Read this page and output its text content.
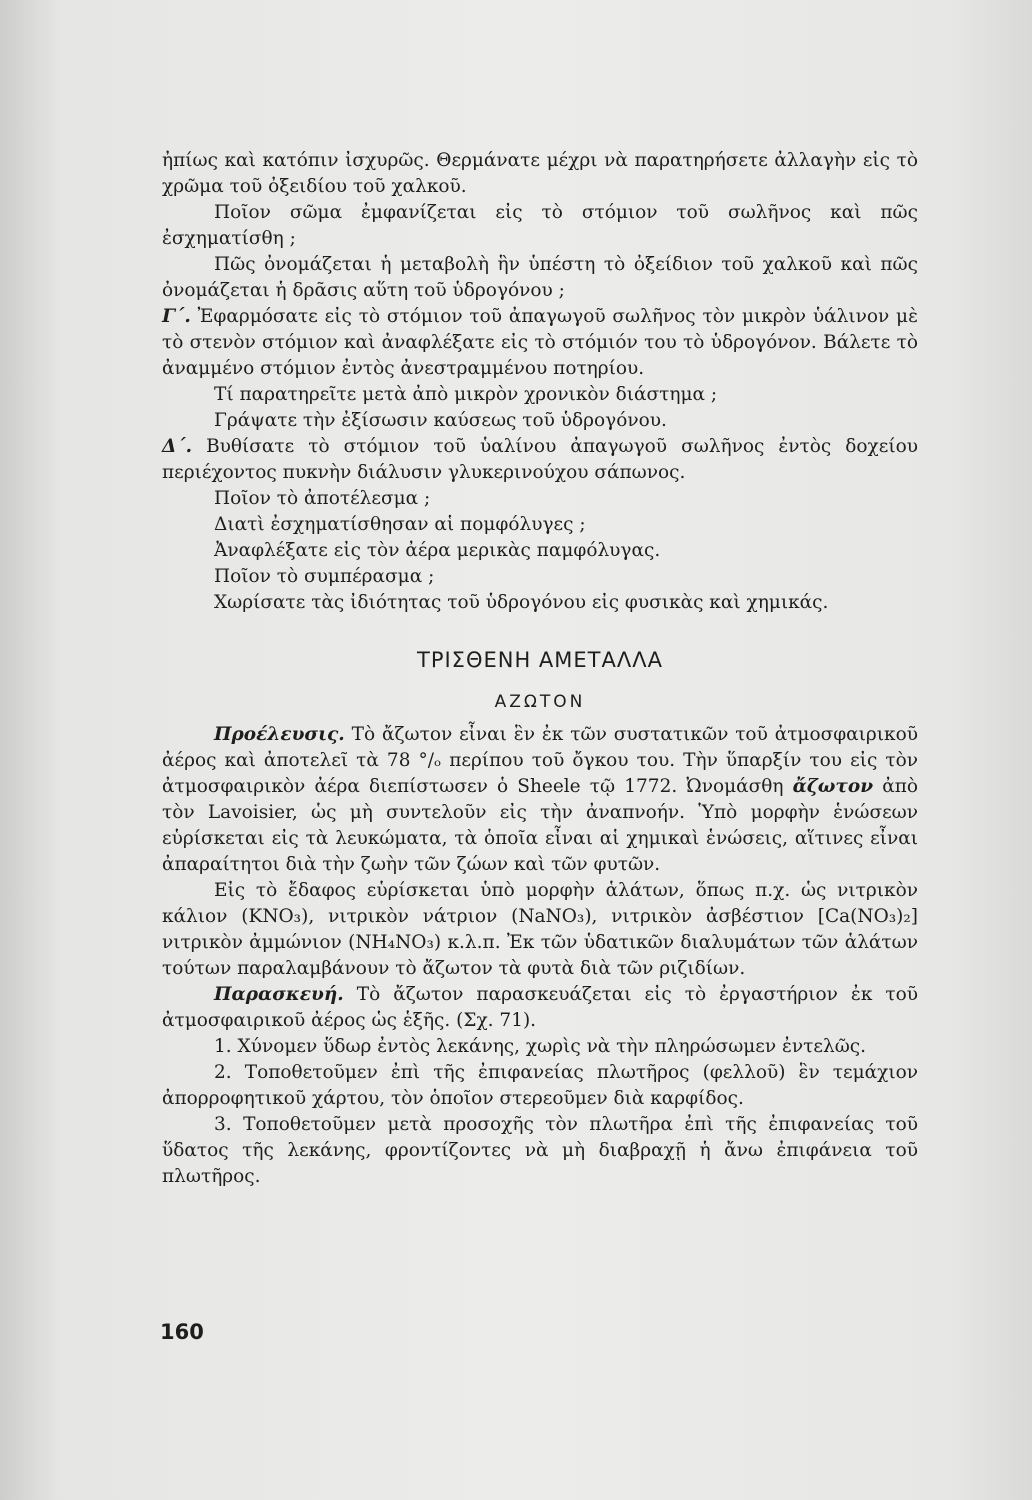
ἠπίως καὶ κατόπιν ἰσχυρῶς. Θερμάνατε μέχρι νὰ παρατηρήσετε ἀλλαγὴν εἰς τὸ χρῶμα τοῦ ὀξειδίου τοῦ χαλκοῦ.

Ποῖον σῶμα ἐμφανίζεται εἰς τὸ στόμιον τοῦ σωλῆνος καὶ πῶς ἐσχηματίσθη ;

Πῶς ὀνομάζεται ἡ μεταβολὴ ἣν ὑπέστη τὸ ὀξείδιον τοῦ χαλκοῦ καὶ πῶς ὀνομάζεται ἡ δρᾶσις αὕτη τοῦ ὑδρογόνου ;

Γ΄. Ἐφαρμόσατε εἰς τὸ στόμιον τοῦ ἀπαγωγοῦ σωλῆνος τὸν μικρὸν ὑάλινον μὲ τὸ στενὸν στόμιον καὶ ἀναφλέξατε εἰς τὸ στόμιόν του τὸ ὑδρογόνον. Βάλετε τὸ ἀναμμένο στόμιον ἐντὸς ἀνεστραμμένου ποτηρίου.

Τί παρατηρεῖτε μετὰ ἀπὸ μικρὸν χρονικὸν διάστημα ;

Γράψατε τὴν ἐξίσωσιν καύσεως τοῦ ὑδρογόνου.

Δ΄. Βυθίσατε τὸ στόμιον τοῦ ὑαλίνου ἀπαγωγοῦ σωλῆνος ἐντὸς δοχείου περιέχοντος πυκνὴν διάλυσιν γλυκερινούχου σάπωνος.

Ποῖον τὸ ἀποτέλεσμα ;

Διατὶ ἐσχηματίσθησαν αἱ πομφόλυγες ;

Ἀναφλέξατε εἰς τὸν ἀέρα μερικὰς παμφόλυγας.

Ποῖον τὸ συμπέρασμα ;

Χωρίσατε τὰς ἰδιότητας τοῦ ὑδρογόνου εἰς φυσικὰς καὶ χημικάς.

ΤΡΙΣΘΕΝΗ ΑΜΕΤΑΛΛΑ
ΑΖΩΤΟΝ

Προέλευσις. Τὸ ἄζωτον εἶναι ἓν ἐκ τῶν συστατικῶν τοῦ ἀτμοσφαιρικοῦ ἀέρος καὶ ἀποτελεῖ τὰ 78 °/ₒ περίπου τοῦ ὄγκου του. Τὴν ὕπαρξίν του εἰς τὸν ἀτμοσφαιρικὸν ἀέρα διεπίστωσεν ὁ Sheele τῷ 1772. Ὠνομάσθη ἄζωτον ἀπὸ τὸν Lavoisier, ὡς μὴ συντελοῦν εἰς τὴν ἀναπνοήν. Ὑπὸ μορφὴν ἑνώσεων εὑρίσκεται εἰς τὰ λευκώματα, τὰ ὁποῖα εἶναι αἱ χημικαὶ ἑνώσεις, αἵτινες εἶναι ἀπαραίτητοι διὰ τὴν ζωὴν τῶν ζώων καὶ τῶν φυτῶν.

Εἰς τὸ ἔδαφος εὑρίσκεται ὑπὸ μορφὴν ἁλάτων, ὅπως π.χ. ὡς νιτρικὸν κάλιον (KNO₃), νιτρικὸν νάτριον (NaNO₃), νιτρικὸν ἀσβέστιον [Ca(NO₃)₂] νιτρικὸν ἀμμώνιον (NH₄NO₃) κ.λ.π. Ἐκ τῶν ὑδατικῶν διαλυμάτων τῶν ἁλάτων τούτων παραλαμβάνουν τὸ ἄζωτον τὰ φυτὰ διὰ τῶν ριζιδίων.

Παρασκευή. Τὸ ἄζωτον παρασκευάζεται εἰς τὸ ἐργαστήριον ἐκ τοῦ ἀτμοσφαιρικοῦ ἀέρος ὡς ἑξῆς. (Σχ. 71).

1. Χύνομεν ὕδωρ ἐντὸς λεκάνης, χωρὶς νὰ τὴν πληρώσωμεν ἐντελῶς.

2. Τοποθετοῦμεν ἐπὶ τῆς ἐπιφανείας πλωτῆρος (φελλοῦ) ἓν τεμάχιον ἀπορροφητικοῦ χάρτου, τὸν ὁποῖον στερεοῦμεν διὰ καρφίδος.

3. Τοποθετοῦμεν μετὰ προσοχῆς τὸν πλωτῆρα ἐπὶ τῆς ἐπιφανείας τοῦ ὕδατος τῆς λεκάνης, φροντίζοντες νὰ μὴ διαβραχῇ ἡ ἄνω ἐπιφάνεια τοῦ πλωτῆρος.

160
